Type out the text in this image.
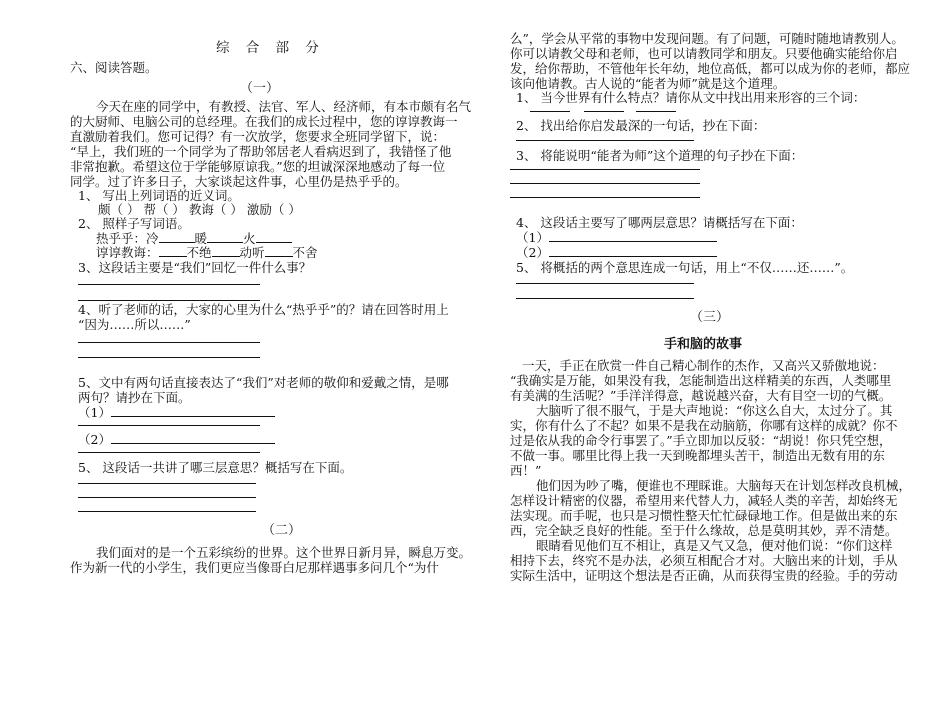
综 合 部 分
六、阅读答题。
（一）
今天在座的同学中，有教授、法官、军人、经济师，有本市颇有名气
的大厨师、电脑公司的总经理。在我们的成长过程中，您的谆谆教诲一
直激励着我们。您可记得？有一次放学，您要求全班同学留下，说：
“早上，我们班的一个同学为了帮助邻居老人看病迟到了，我错怪了他
非常抱歉。希望这位于学能够原谅我。”您的坦诚深深地感动了每一位
同学。过了许多日子，大家谈起这件事，心里仍是热乎乎的。
1、 写出上列词语的近义词。
颇（ ） 帮（ ） 教诲（ ） 激励（ ）
2、 照样子写词语。
热乎乎：冷	暖	火
谆谆教诲： 不绝 动听 不舍
3、这段话主要是“我们”回忆一件什么事？
4、听了老师的话，大家的心里为什么“热乎乎”的？请在回答时用上
“因为……所以……”
5、文中有两句话直接表达了“我们”对老师的敬仰和爱戴之情，是哪
两句？请抄在下面。
（1）
（2）
5、 这段话一共讲了哪三层意思？概括写在下面。
（二）
我们面对的是一个五彩缤纷的世界。这个世界日新月异，瞬息万变。
作为新一代的小学生，我们更应当像哥白尼那样遇事多问几个“为什
么”，学会从平常的事物中发现问题。有了问题，可随时随地请教别人。
你可以请教父母和老师，也可以请教同学和朋友。只要他确实能给你启
发，给你帮助，不管他年长年幼，地位高低，都可以成为你的老师，都应
该向他请教。古人说的“能者为师”就是这个道理。
1、 当今世界有什么特点？请你从文中找出用来形容的三个词：
2、 找出给你启发最深的一句话，抄在下面：
3、 将能说明“能者为师”这个道理的句子抄在下面：
4、 这段话主要写了哪两层意思？请概括写在下面：
（1）
（2）
5、 将概括的两个意思连成一句话，用上“不仅……还……”。
（三）
手和脑的故事
一天，手正在欣赏一件自己精心制作的杰作，又高兴又骄傲地说：
“我确实是万能，如果没有我，怎能制造出这样精美的东西，人类哪里
有美满的生活呢？”手洋洋得意，越说越兴奋，大有目空一切的气概。
大脑听了很不服气，于是大声地说：“你这么自大，太过分了。其
实，你有什么了不起？如果不是我在动脑筋，你哪有这样的成就？你不
过是依从我的命令行事罢了。”手立即加以反驳：“胡说！你只凭空想，
不做一事。哪里比得上我一天到晚都埋头苦干，制造出无数有用的东
西！”
他们因为吵了嘴，便谁也不理睬谁。大脑每天在计划怎样改良机械，
怎样设计精密的仪器，希望用来代替人力，减轻人类的辛苦，却始终无
法实现。而手呢，也只是习惯性整天忙忙碌碌地工作。但是做出来的东
西，完全缺乏良好的性能。至于什么缘故，总是莫明其妙，弄不清楚。
眼睛看见他们互不相让，真是又气又急，便对他们说：“你们这样
相持下去，终究不是办法，必须互相配合才对。大脑出来的计划，手从
实际生活中，证明这个想法是否正确，从而获得宝贵的经验。手的劳动
